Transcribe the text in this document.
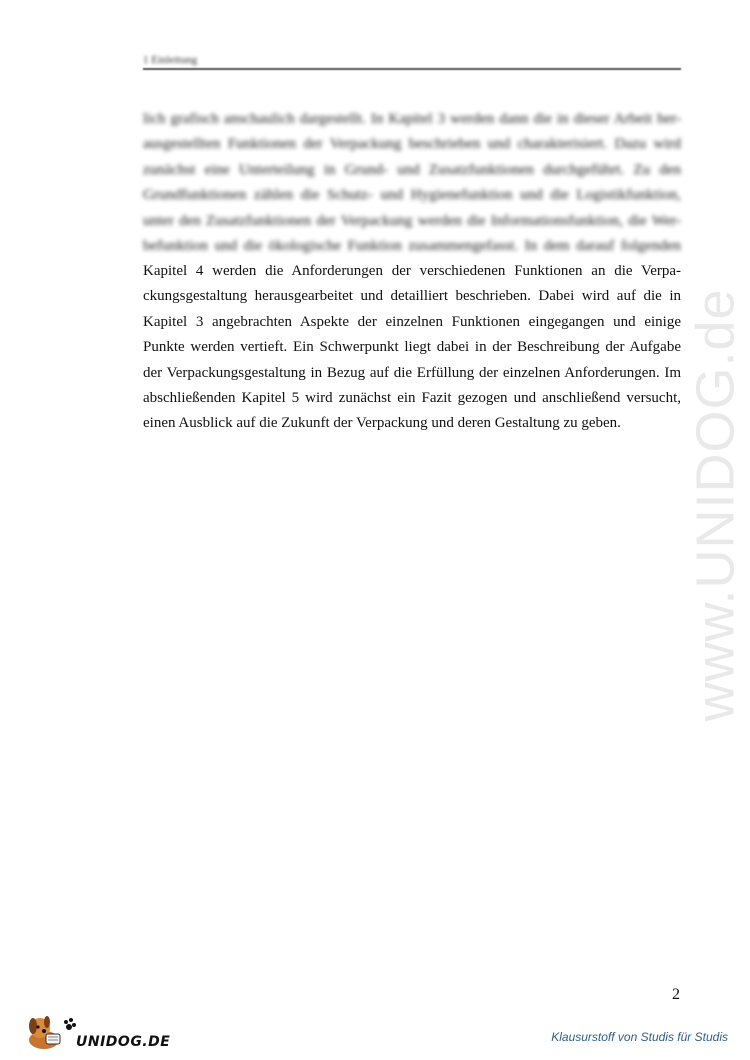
1 Einleitung
www.UNIDOG.de
lich grafisch anschaulich dargestellt. In Kapitel 3 werden dann die in dieser Arbeit her-
ausgestellten Funktionen der Verpackung beschrieben und charakterisiert. Dazu wird
zunächst eine Unterteilung in Grund- und Zusatzfunktionen durchgeführt. Zu den
Grundfunktionen zählen die Schutz- und Hygienefunktion und die Logistikfunktion,
unter den Zusatzfunktionen der Verpackung werden die Informationsfunktion, die Wer-
befunktion und die ökologische Funktion zusammengefasst. In dem darauf folgenden
Kapitel 4 werden die Anforderungen der verschiedenen Funktionen an die Verpa-
ckungsgestaltung herausgearbeitet und detailliert beschrieben. Dabei wird auf die in
Kapitel 3 angebrachten Aspekte der einzelnen Funktionen eingegangen und einige
Punkte werden vertieft. Ein Schwerpunkt liegt dabei in der Beschreibung der Aufgabe
der Verpackungsgestaltung in Bezug auf die Erfüllung der einzelnen Anforderungen. Im
abschließenden Kapitel 5 wird zunächst ein Fazit gezogen und anschließend versucht,
einen Ausblick auf die Zukunft der Verpackung und deren Gestaltung zu geben.
2
UNIDOG.DE	Klausurstoff von Studis für Studis
